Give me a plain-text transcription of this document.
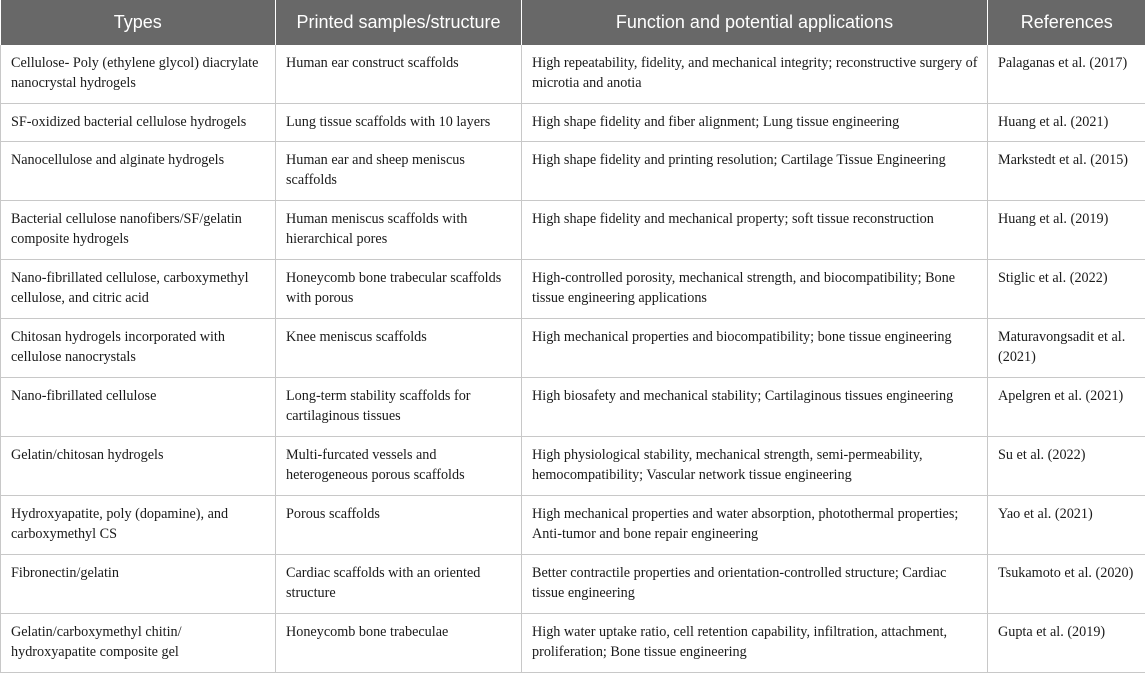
Types	Printed samples/structure	Function and potential applications	References
Cellulose- Poly (ethylene glycol) diacrylate nanocrystal hydrogels	Human ear construct scaffolds	High repeatability, fidelity, and mechanical integrity; reconstructive surgery of microtia and anotia	Palaganas et al. (2017)
SF-oxidized bacterial cellulose hydrogels	Lung tissue scaffolds with 10 layers	High shape fidelity and fiber alignment; Lung tissue engineering	Huang et al. (2021)
Nanocellulose and alginate hydrogels	Human ear and sheep meniscus scaffolds	High shape fidelity and printing resolution; Cartilage Tissue Engineering	Markstedt et al. (2015)
Bacterial cellulose nanofibers/SF/gelatin composite hydrogels	Human meniscus scaffolds with hierarchical pores	High shape fidelity and mechanical property; soft tissue reconstruction	Huang et al. (2019)
Nano-fibrillated cellulose, carboxymethyl cellulose, and citric acid	Honeycomb bone trabecular scaffolds with porous	High-controlled porosity, mechanical strength, and biocompatibility; Bone tissue engineering applications	Stiglic et al. (2022)
Chitosan hydrogels incorporated with cellulose nanocrystals	Knee meniscus scaffolds	High mechanical properties and biocompatibility; bone tissue engineering	Maturavongsadit et al. (2021)
Nano-fibrillated cellulose	Long-term stability scaffolds for cartilaginous tissues	High biosafety and mechanical stability; Cartilaginous tissues engineering	Apelgren et al. (2021)
Gelatin/chitosan hydrogels	Multi-furcated vessels and heterogeneous porous scaffolds	High physiological stability, mechanical strength, semi-permeability, hemocompatibility; Vascular network tissue engineering	Su et al. (2022)
Hydroxyapatite, poly (dopamine), and carboxymethyl CS	Porous scaffolds	High mechanical properties and water absorption, photothermal properties; Anti-tumor and bone repair engineering	Yao et al. (2021)
Fibronectin/gelatin	Cardiac scaffolds with an oriented structure	Better contractile properties and orientation-controlled structure; Cardiac tissue engineering	Tsukamoto et al. (2020)
Gelatin/carboxymethyl chitin/ hydroxyapatite composite gel	Honeycomb bone trabeculae	High water uptake ratio, cell retention capability, infiltration, attachment, proliferation; Bone tissue engineering	Gupta et al. (2019)
